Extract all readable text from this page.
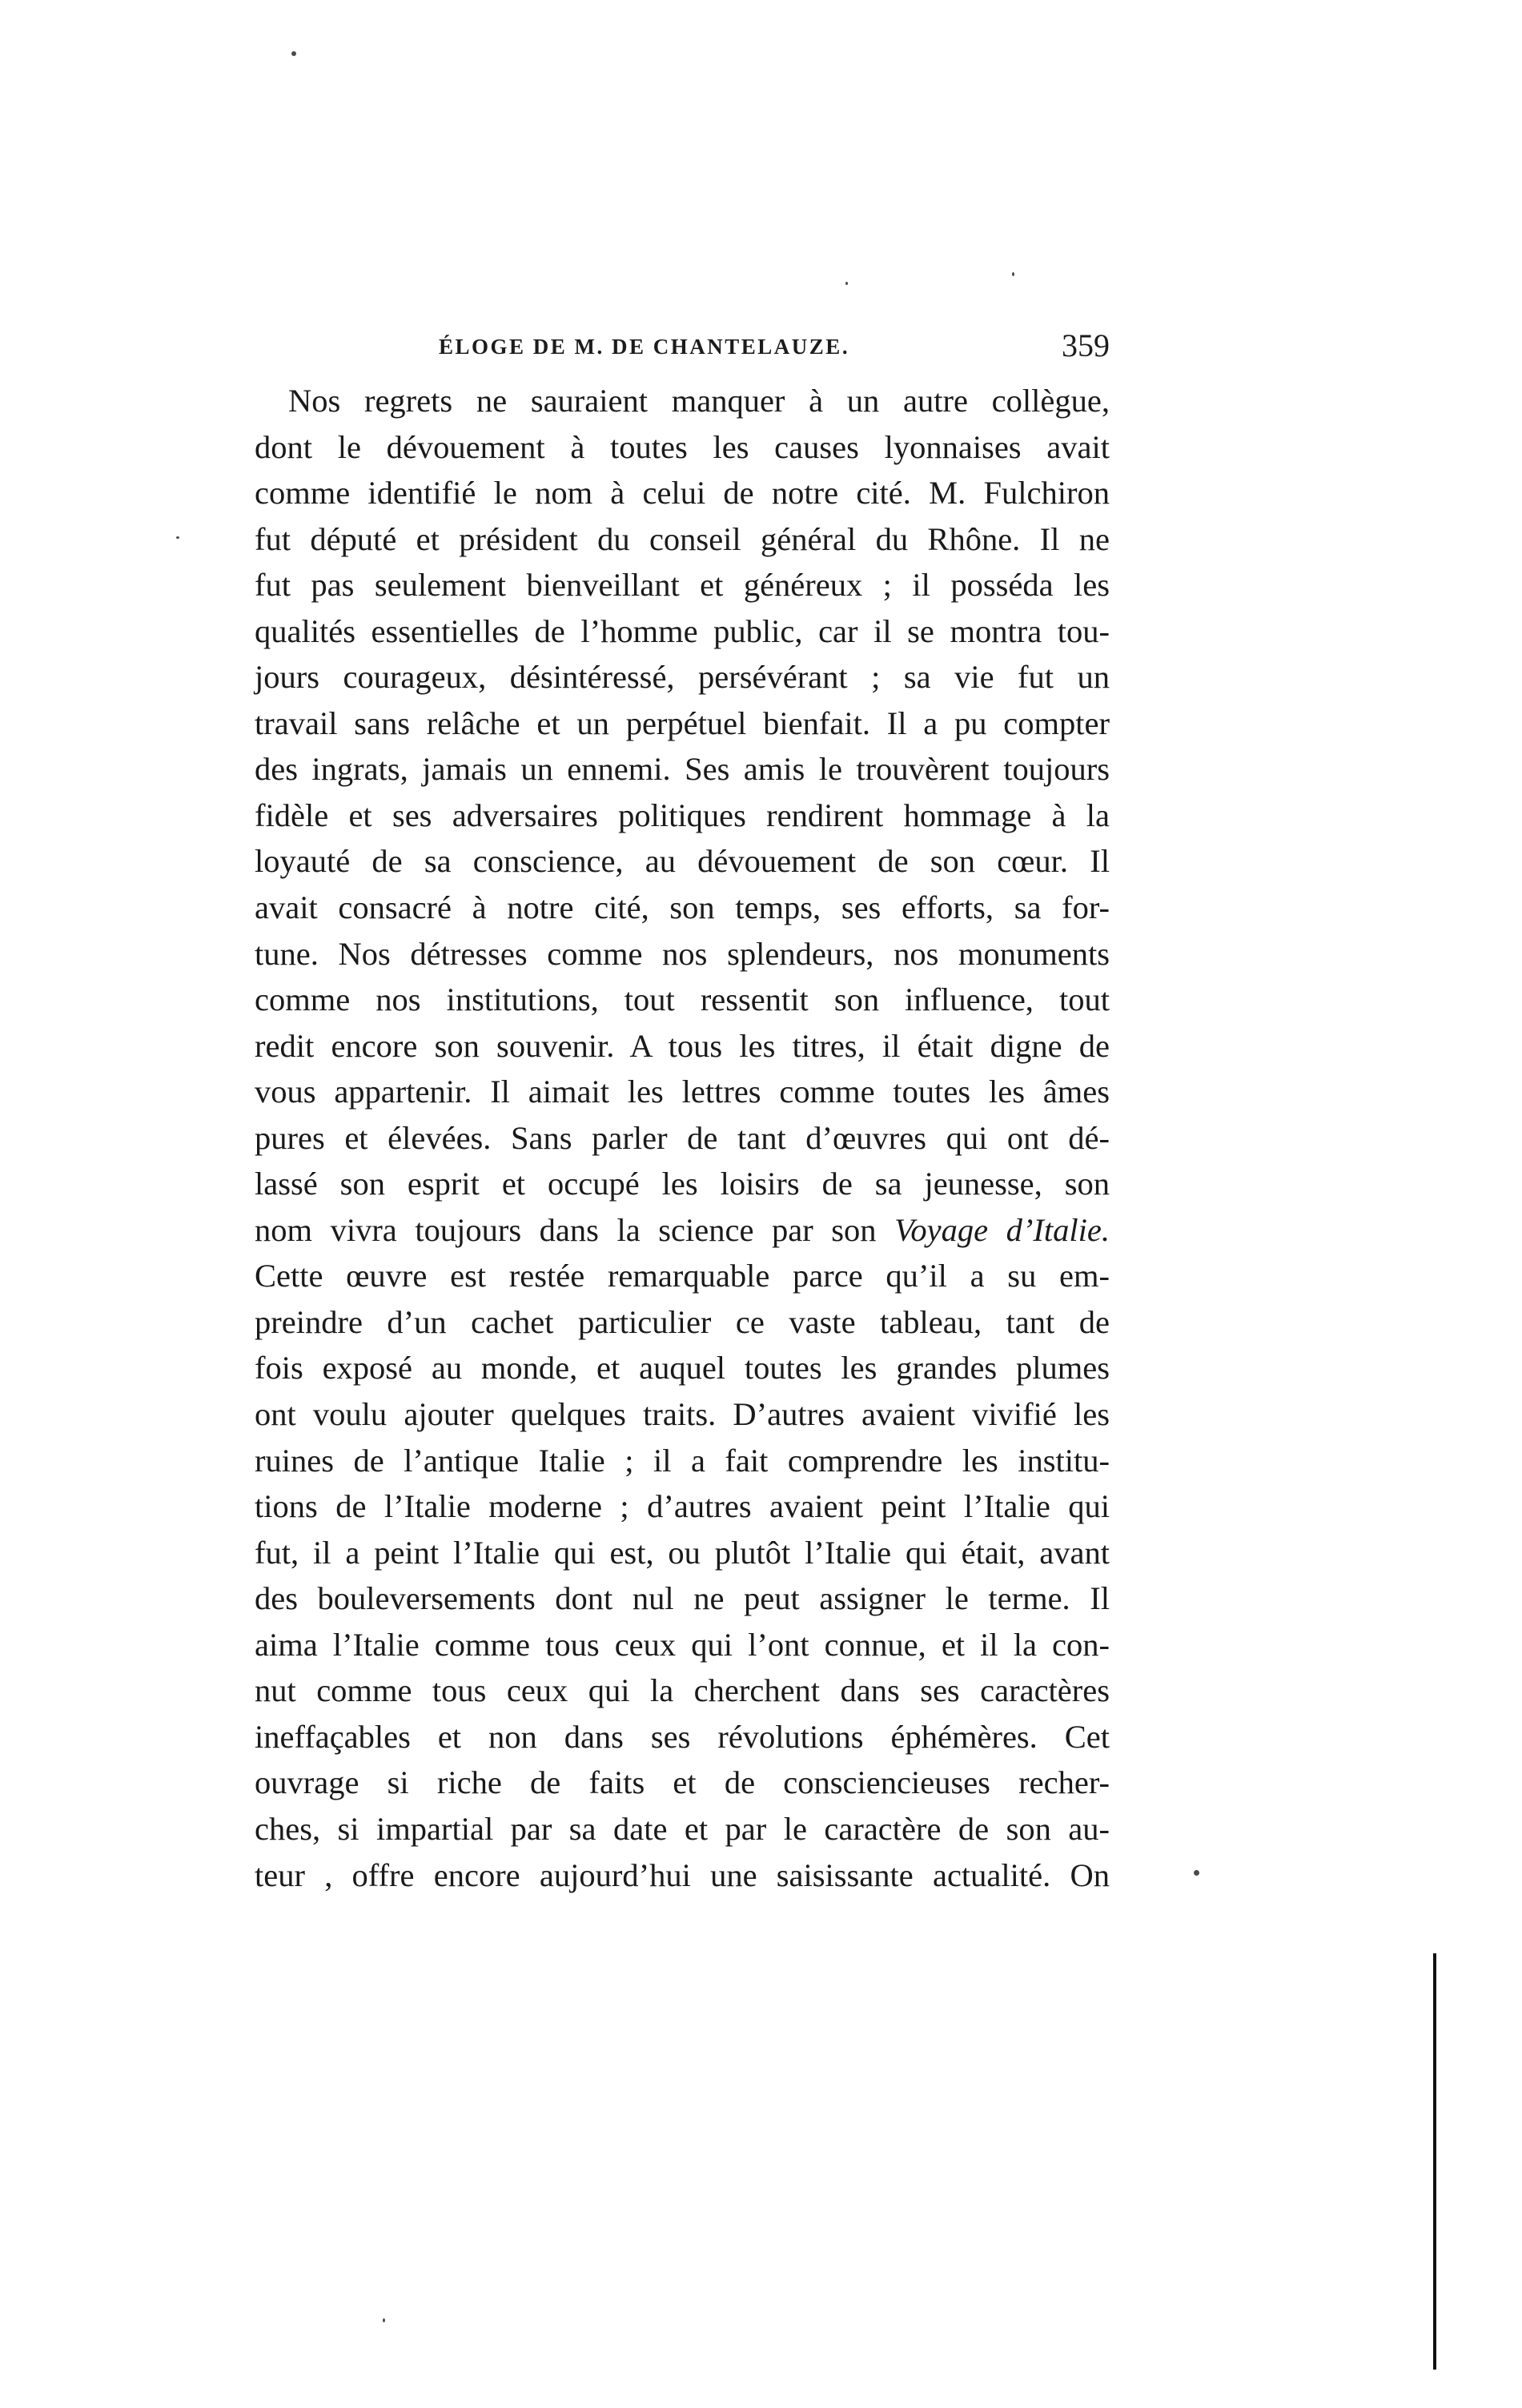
ÉLOGE DE M. DE CHANTELAUZE.	359
Nos regrets ne sauraient manquer à un autre collègue,
dont le dévouement à toutes les causes lyonnaises avait
comme identifié le nom à celui de notre cité. M. Fulchiron
fut député et président du conseil général du Rhône. Il ne
fut pas seulement bienveillant et généreux ; il posséda les
qualités essentielles de l’homme public, car il se montra tou-
jours courageux, désintéressé, persévérant ; sa vie fut un
travail sans relâche et un perpétuel bienfait. Il a pu compter
des ingrats, jamais un ennemi. Ses amis le trouvèrent toujours
fidèle et ses adversaires politiques rendirent hommage à la
loyauté de sa conscience, au dévouement de son cœur. Il
avait consacré à notre cité, son temps, ses efforts, sa for-
tune. Nos détresses comme nos splendeurs, nos monuments
comme nos institutions, tout ressentit son influence, tout
redit encore son souvenir. A tous les titres, il était digne de
vous appartenir. Il aimait les lettres comme toutes les âmes
pures et élevées. Sans parler de tant d’œuvres qui ont dé-
lassé son esprit et occupé les loisirs de sa jeunesse, son
nom vivra toujours dans la science par son Voyage d’Italie.
Cette œuvre est restée remarquable parce qu’il a su em-
preindre d’un cachet particulier ce vaste tableau, tant de
fois exposé au monde, et auquel toutes les grandes plumes
ont voulu ajouter quelques traits. D’autres avaient vivifié les
ruines de l’antique Italie ; il a fait comprendre les institu-
tions de l’Italie moderne ; d’autres avaient peint l’Italie qui
fut, il a peint l’Italie qui est, ou plutôt l’Italie qui était, avant
des bouleversements dont nul ne peut assigner le terme. Il
aima l’Italie comme tous ceux qui l’ont connue, et il la con-
nut comme tous ceux qui la cherchent dans ses caractères
ineffaçables et non dans ses révolutions éphémères. Cet
ouvrage si riche de faits et de consciencieuses recher-
ches, si impartial par sa date et par le caractère de son au-
teur , offre encore aujourd’hui une saisissante actualité. On
